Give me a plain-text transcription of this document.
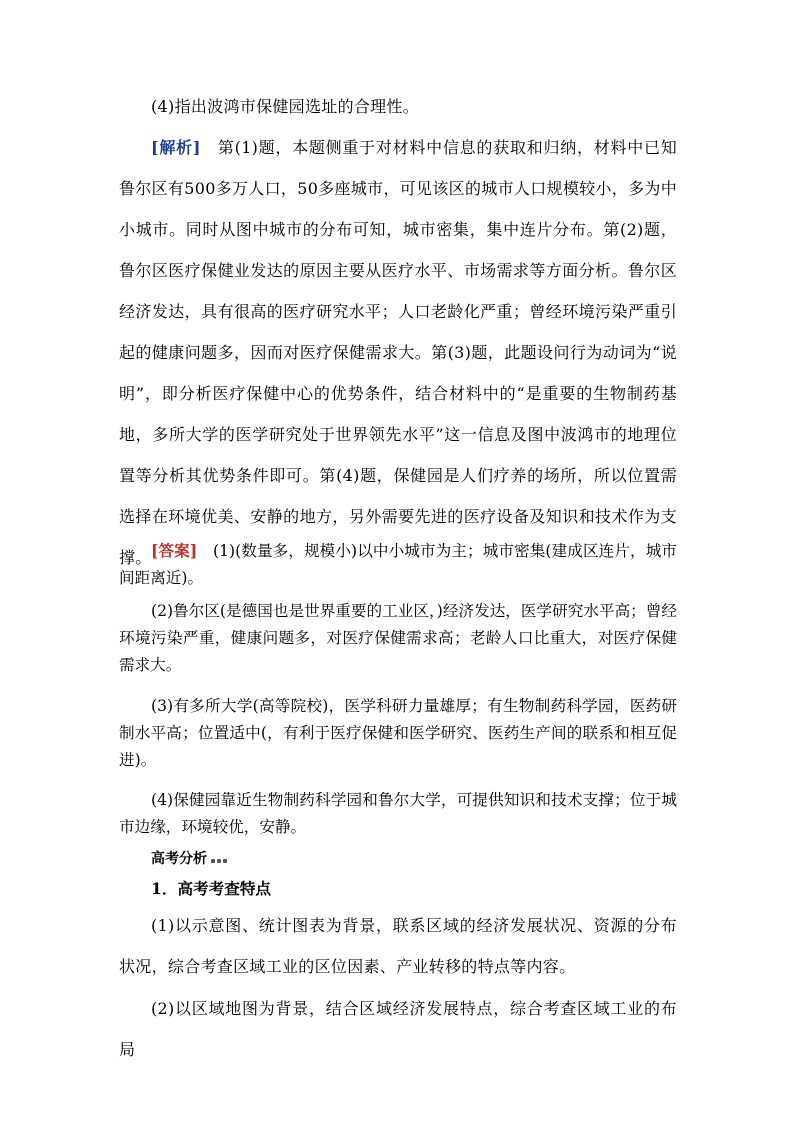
(4)指出波鸿市保健园选址的合理性。

[解析]　第(1)题，本题侧重于对材料中信息的获取和归纳，材料中已知鲁尔区有500多万人口，50多座城市，可见该区的城市人口规模较小，多为中小城市。同时从图中城市的分布可知，城市密集，集中连片分布。第(2)题，鲁尔区医疗保健业发达的原因主要从医疗水平、市场需求等方面分析。鲁尔区经济发达，具有很高的医疗研究水平；人口老龄化严重；曾经环境污染严重引起的健康问题多，因而对医疗保健需求大。第(3)题，此题设问行为动词为“说明”，即分析医疗保健中心的优势条件，结合材料中的“是重要的生物制药基地，多所大学的医学研究处于世界领先水平”这一信息及图中波鸿市的地理位置等分析其优势条件即可。第(4)题，保健园是人们疗养的场所，所以位置需选择在环境优美、安静的地方，另外需要先进的医疗设备及知识和技术作为支撑。 [答案]　(1)(数量多，规模小)以中小城市为主；城市密集(建成区连片，城市间距离近)。

(2)鲁尔区(是德国也是世界重要的工业区，)经济发达，医学研究水平高；曾经环境污染严重，健康问题多，对医疗保健需求高；老龄人口比重大，对医疗保健需求大。

(3)有多所大学(高等院校)，医学科研力量雄厚；有生物制药科学园，医药研制水平高；位置适中(，有利于医疗保健和医学研究、医药生产间的联系和相互促进)。

(4)保健园靠近生物制药科学园和鲁尔大学，可提供知识和技术支撑；位于城市边缘，环境较优，安静。

高考分析
1．高考考查特点

(1)以示意图、统计图表为背景，联系区域的经济发展状况、资源的分布状况，综合考查区域工业的区位因素、产业转移的特点等内容。

(2)以区域地图为背景，结合区域经济发展特点，综合考查区域工业的布局
